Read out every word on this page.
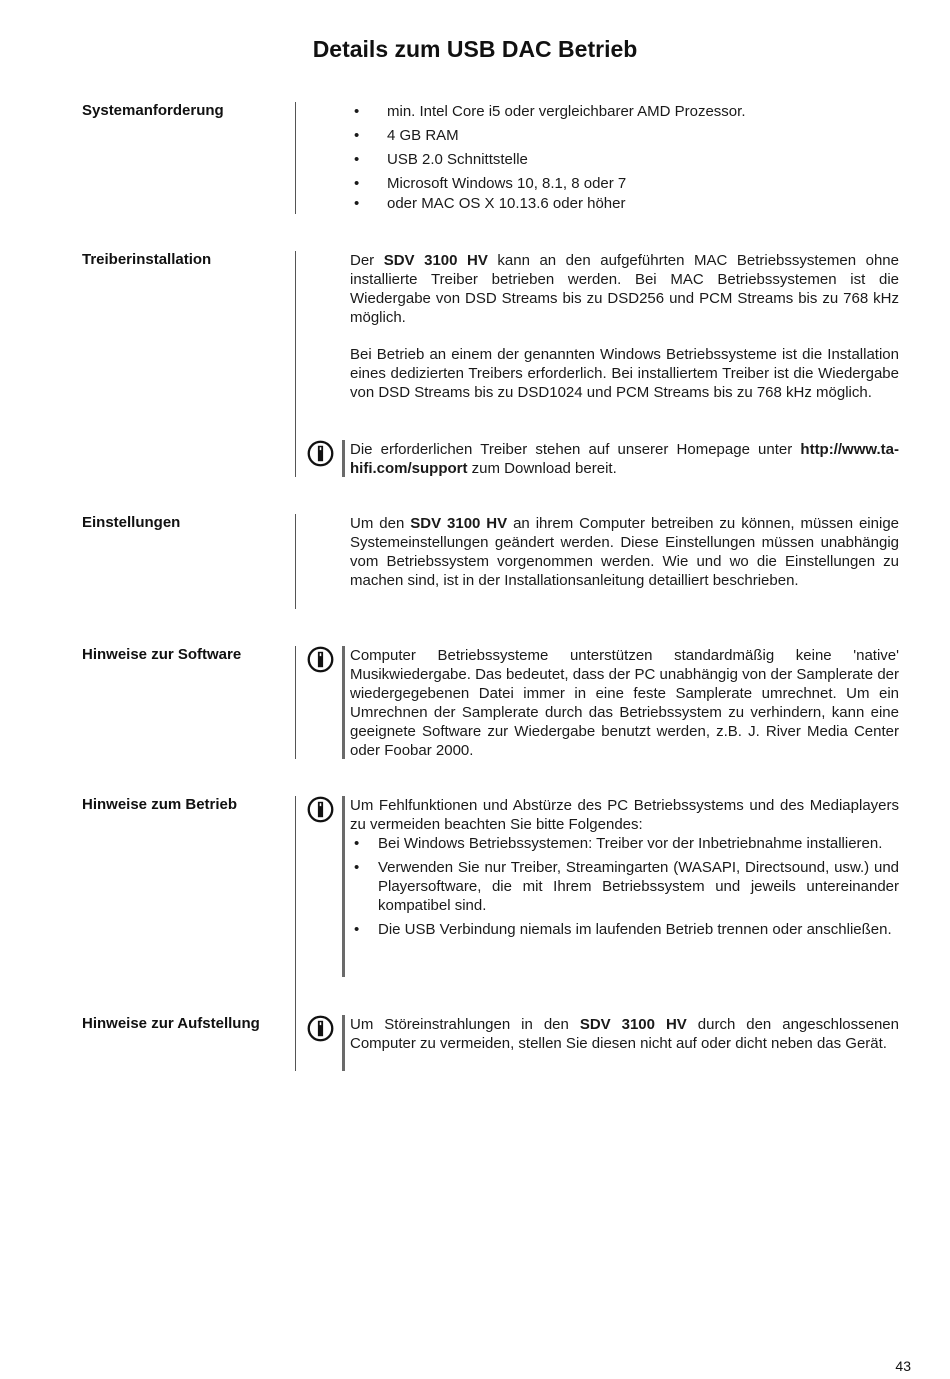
Details zum USB DAC Betrieb
Systemanforderung
•	min. Intel Core i5 oder vergleichbarer AMD Prozessor.
• 4 GB RAM
• USB 2.0 Schnittstelle
• Microsoft Windows 10, 8.1, 8 oder 7
• oder MAC OS X 10.13.6 oder höher
Treiberinstallation	Der SDV 3100 HV kann an den aufgeführten MAC Betriebssystemen ohne installierte Treiber betrieben werden. Bei MAC Betriebssystemen ist die Wiedergabe von DSD Streams bis zu DSD256 und PCM Streams bis zu 768 kHz möglich.

Bei Betrieb an einem der genannten Windows Betriebssysteme ist die Installation eines dedizierten Treibers erforderlich. Bei installiertem Treiber ist die Wiedergabe von DSD Streams bis zu DSD1024 und PCM Streams bis zu 768 kHz möglich.

Die erforderlichen Treiber stehen auf unserer Homepage unter http://www.ta-hifi.com/support zum Download bereit.

Einstellungen	Um den SDV 3100 HV an ihrem Computer betreiben zu können, müssen einige Systemeinstellungen geändert werden. Diese Einstellungen müssen unabhängig vom Betriebssystem vorgenommen werden. Wie und wo die Einstellungen zu machen sind, ist in der Installationsanleitung detailliert beschrieben.

Hinweise zur Software	Computer Betriebssysteme unterstützen standardmäßig keine 'native' Musikwiedergabe. Das bedeutet, dass der PC unabhängig von der Samplerate der wiedergegebenen Datei immer in eine feste Samplerate umrechnet. Um ein Umrechnen der Samplerate durch das Betriebssystem zu verhindern, kann eine geeignete Software zur Wiedergabe benutzt werden, z.B. J. River Media Center oder Foobar 2000.

Hinweise zum Betrieb	Um Fehlfunktionen und Abstürze des PC Betriebssystems und des Mediaplayers zu vermeiden beachten Sie bitte Folgendes:

• Bei Windows Betriebssystemen: Treiber vor der Inbetriebnahme installieren.
• Verwenden Sie nur Treiber, Streamingarten (WASAPI, Directsound, usw.) und Playersoftware, die mit Ihrem Betriebssystem und jeweils untereinander kompatibel sind.
• Die USB Verbindung niemals im laufenden Betrieb trennen oder anschließen.
Hinweise zur Aufstellung	Um Störeinstrahlungen in den SDV 3100 HV durch den angeschlossenen Computer zu vermeiden, stellen Sie diesen nicht auf oder dicht neben das Gerät.

43
